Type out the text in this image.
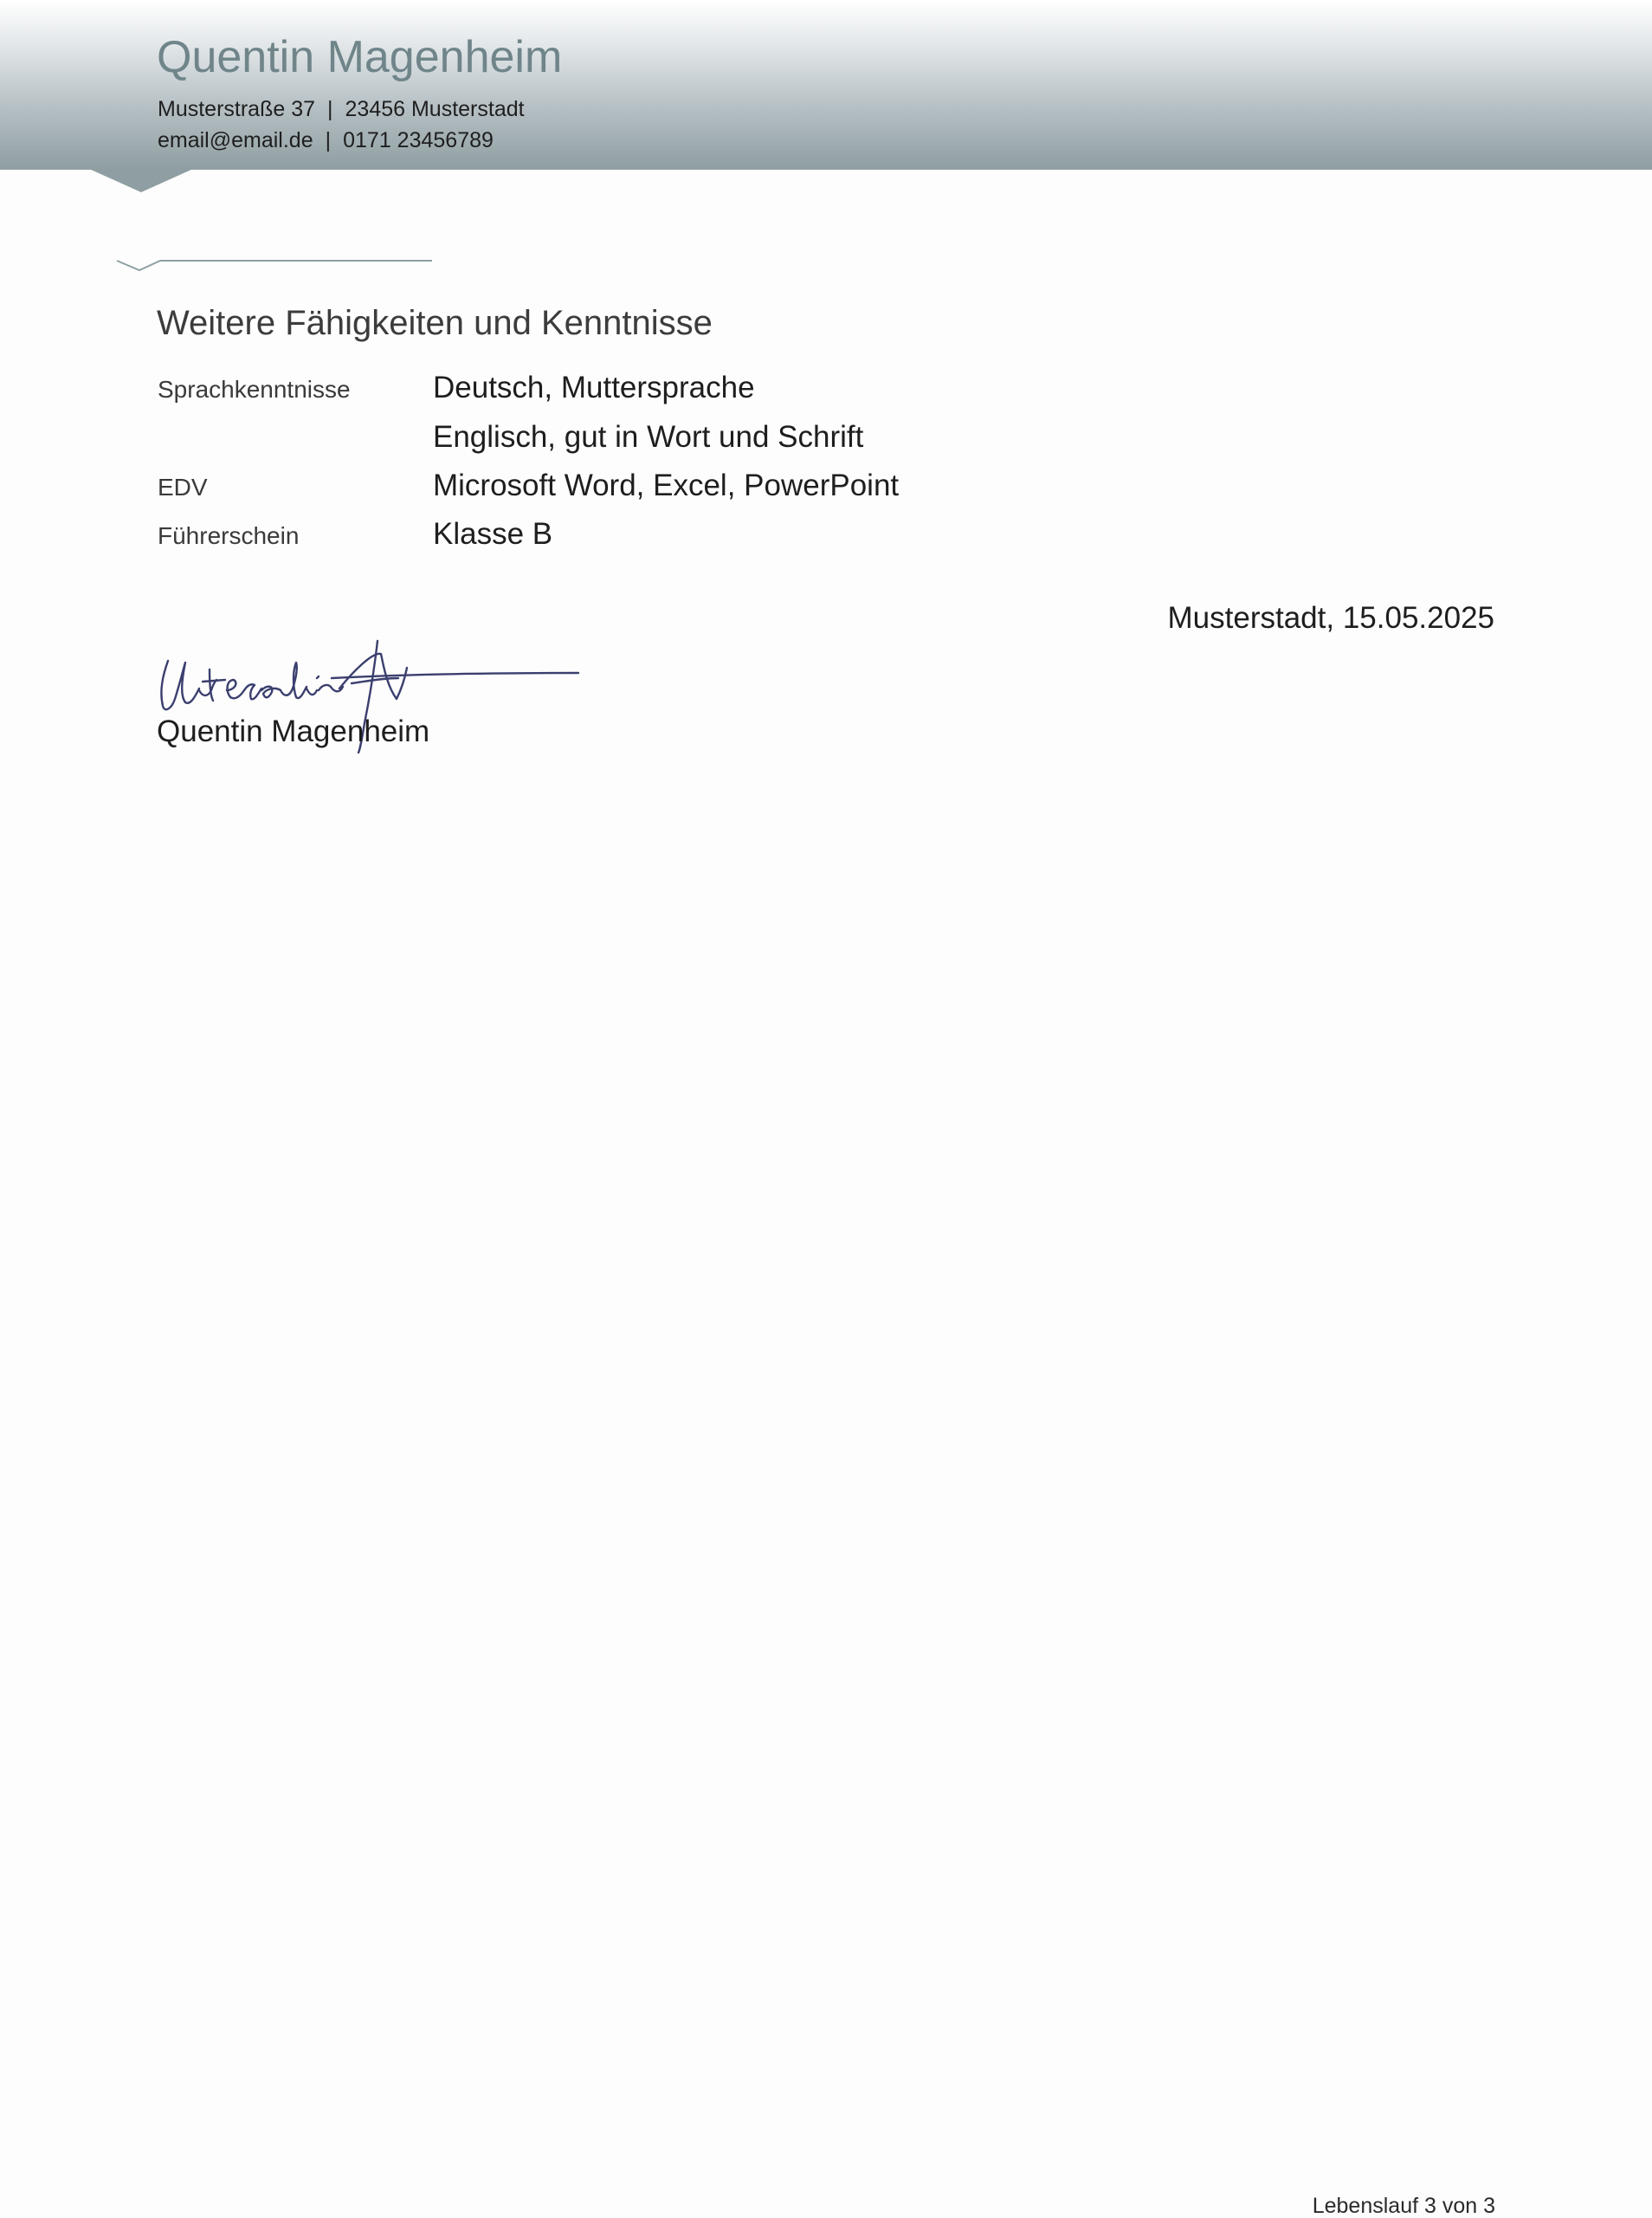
Quentin Magenheim
Musterstraße 37 | 23456 Musterstadt
email@email.de | 0171 23456789
Weitere Fähigkeiten und Kenntnisse
Sprachkenntnisse	Deutsch, Muttersprache
Englisch, gut in Wort und Schrift
EDV	Microsoft Word, Excel, PowerPoint
Führerschein	Klasse B
Musterstadt, 15.05.2025
Quentin Magenheim
Lebenslauf 3 von 3
